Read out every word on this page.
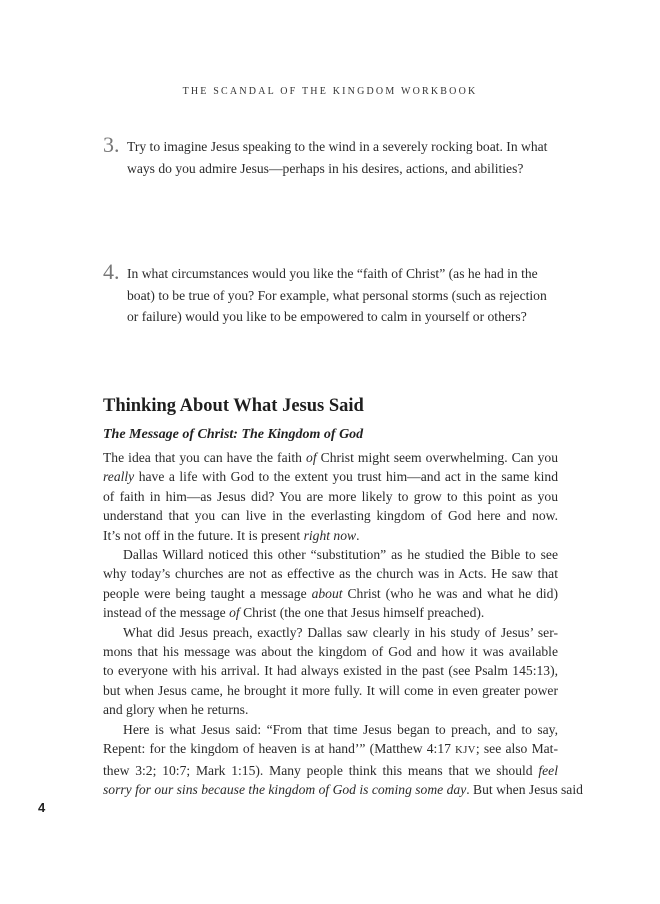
THE SCANDAL OF THE KINGDOM WORKBOOK
3. Try to imagine Jesus speaking to the wind in a severely rocking boat. In what
ways do you admire Jesus—perhaps in his desires, actions, and abilities?
4. In what circumstances would you like the “faith of Christ” (as he had in the
boat) to be true of you? For example, what personal storms (such as rejection
or failure) would you like to be empowered to calm in yourself or others?
Thinking About What Jesus Said
The Message of Christ: The Kingdom of God

The idea that you can have the faith of Christ might seem overwhelming. Can you
really have a life with God to the extent you trust him—and act in the same kind
of faith in him—as Jesus did? You are more likely to grow to this point as you
understand that you can live in the everlasting kingdom of God here and now.
It’s not off in the future. It is present right now.

Dallas Willard noticed this other “substitution” as he studied the Bible to see
why today’s churches are not as effective as the church was in Acts. He saw that
people were being taught a message about Christ (who he was and what he did)
instead of the message of Christ (the one that Jesus himself preached).

What did Jesus preach, exactly? Dallas saw clearly in his study of Jesus’ ser-
mons that his message was about the kingdom of God and how it was available
to everyone with his arrival. It had always existed in the past (see Psalm 145:13),
but when Jesus came, he brought it more fully. It will come in even greater power
and glory when he returns.

Here is what Jesus said: “From that time Jesus began to preach, and to say,
Repent: for the kingdom of heaven is at hand’” (Matthew 4:17 KJV; see also Mat-
thew 3:2; 10:7; Mark 1:15). Many people think this means that we should feel
sorry for our sins because the kingdom of God is coming some day. But when Jesus said

4
